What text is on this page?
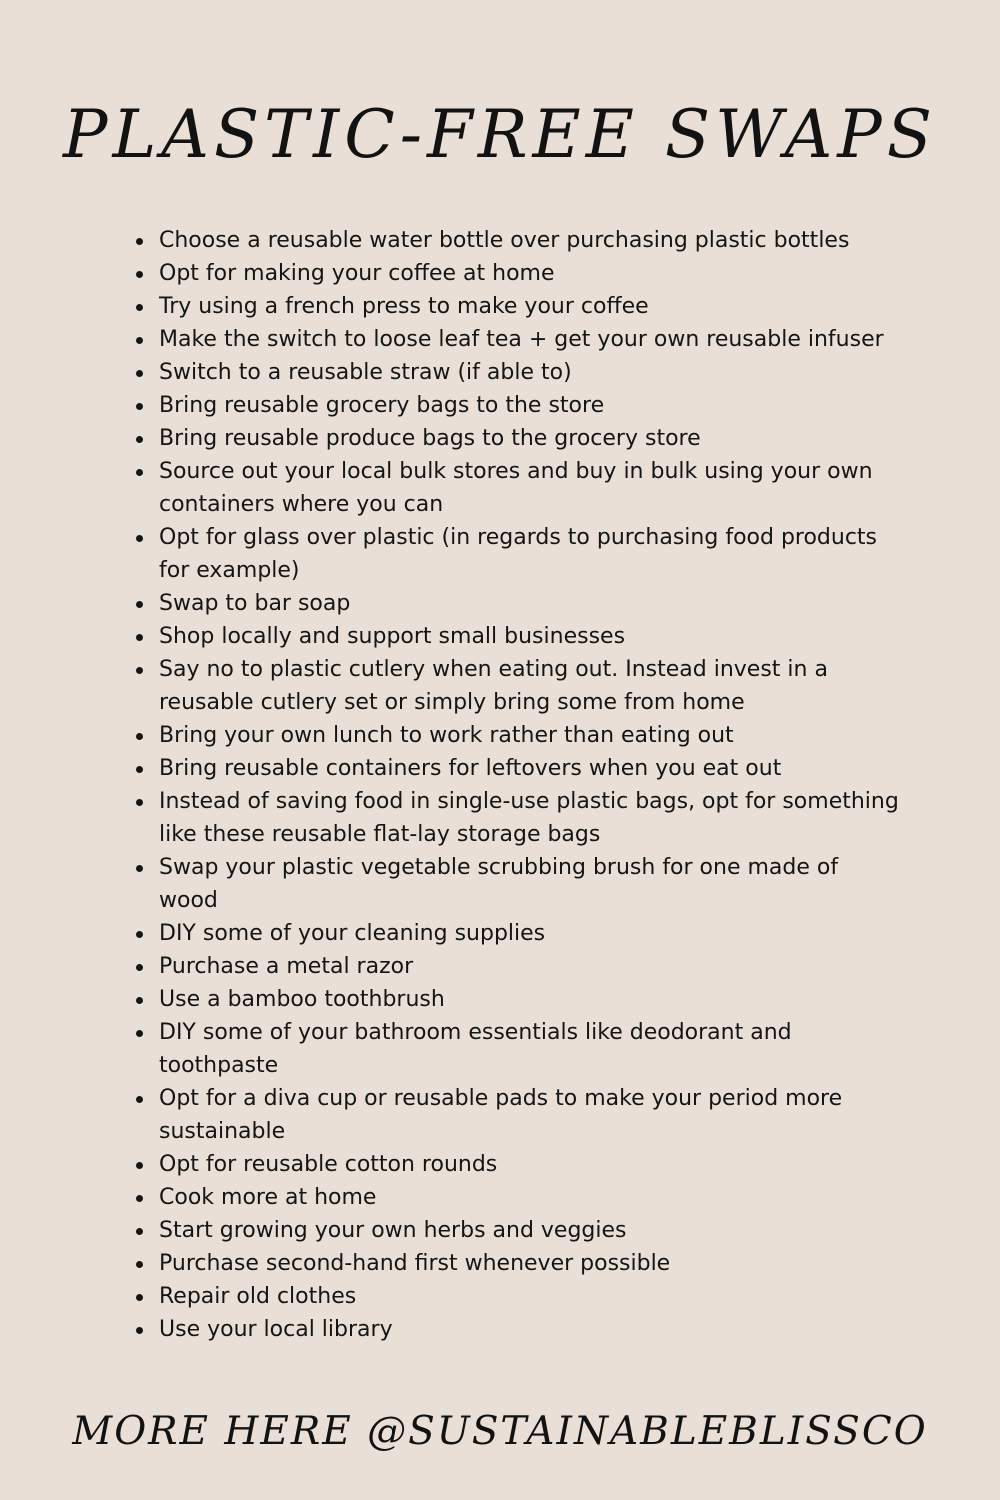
PLASTIC-FREE SWAPS
Choose a reusable water bottle over purchasing plastic bottles
Opt for making your coffee at home
Try using a french press to make your coffee
Make the switch to loose leaf tea + get your own reusable infuser
Switch to a reusable straw (if able to)
Bring reusable grocery bags to the store
Bring reusable produce bags to the grocery store
Source out your local bulk stores and buy in bulk using your own containers where you can
Opt for glass over plastic (in regards to purchasing food products for example)
Swap to bar soap
Shop locally and support small businesses
Say no to plastic cutlery when eating out. Instead invest in a reusable cutlery set or simply bring some from home
Bring your own lunch to work rather than eating out
Bring reusable containers for leftovers when you eat out
Instead of saving food in single-use plastic bags, opt for something like these reusable flat-lay storage bags
Swap your plastic vegetable scrubbing brush for one made of wood
DIY some of your cleaning supplies
Purchase a metal razor
Use a bamboo toothbrush
DIY some of your bathroom essentials like deodorant and toothpaste
Opt for a diva cup or reusable pads to make your period more sustainable
Opt for reusable cotton rounds
Cook more at home
Start growing your own herbs and veggies
Purchase second-hand first whenever possible
Repair old clothes
Use your local library

MORE HERE @SUSTAINABLEBLISSCO
